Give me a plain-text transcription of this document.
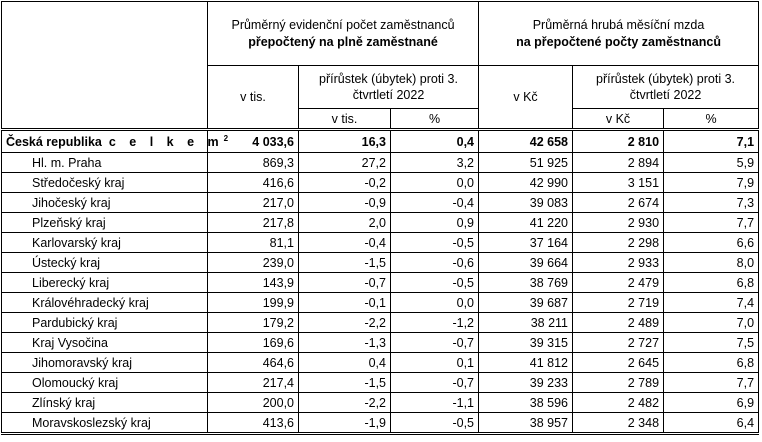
	Průměrný evidenční počet zaměstnanců
přepočtený na plně zaměstnané			Průměrná hrubá měsíční mzda
na přepočtené počty zaměstnanců		

	v tis.	přírůstek (úbytek) proti 3. čtvrtletí 2022		v Kč	přírůstek (úbytek) proti 3. čtvrtletí 2022	
		v tis.	%		v Kč	%
Česká republika c e l k e $m^2$	4 033,6	16,3	0,4	42 658	2 810	7,1
Hl. m. Praha	869,3	27,2	3,2	51 925	2 894	5,9
Středočeský kraj	416,6	-0,2	0,0	42 990	3 151	7,9
Jihočeský kraj	217,0	-0,9	-0,4	39 083	2 674	7,3
Plzeňský kraj	217,8	2,0	0,9	41 220	2 930	7,7
Karlovarský kraj	81,1	-0,4	-0,5	37 164	2 298	6,6
Ústecký kraj	239,0	-1,5	-0,6	39 664	2 933	8,0
Liberecký kraj	143,9	-0,7	-0,5	38 769	2 479	6,8
Královéhradecký kraj	199,9	-0,1	0,0	39 687	2 719	7,4
Pardubický kraj	179,2	-2,2	-1,2	38 211	2 489	7,0
Kraj Vysočina	169,6	-1,3	-0,7	39 315	2 727	7,5
Jihomoravský kraj	464,6	0,4	0,1	41 812	2 645	6,8
Olomoucký kraj	217,4	-1,5	-0,7	39 233	2 789	7,7
Zlínský kraj	200,0	-2,2	-1,1	38 596	2 482	6,9
Moravskoslezský kraj	413,6	-1,9	-0,5	38 957	2 348	6,4
